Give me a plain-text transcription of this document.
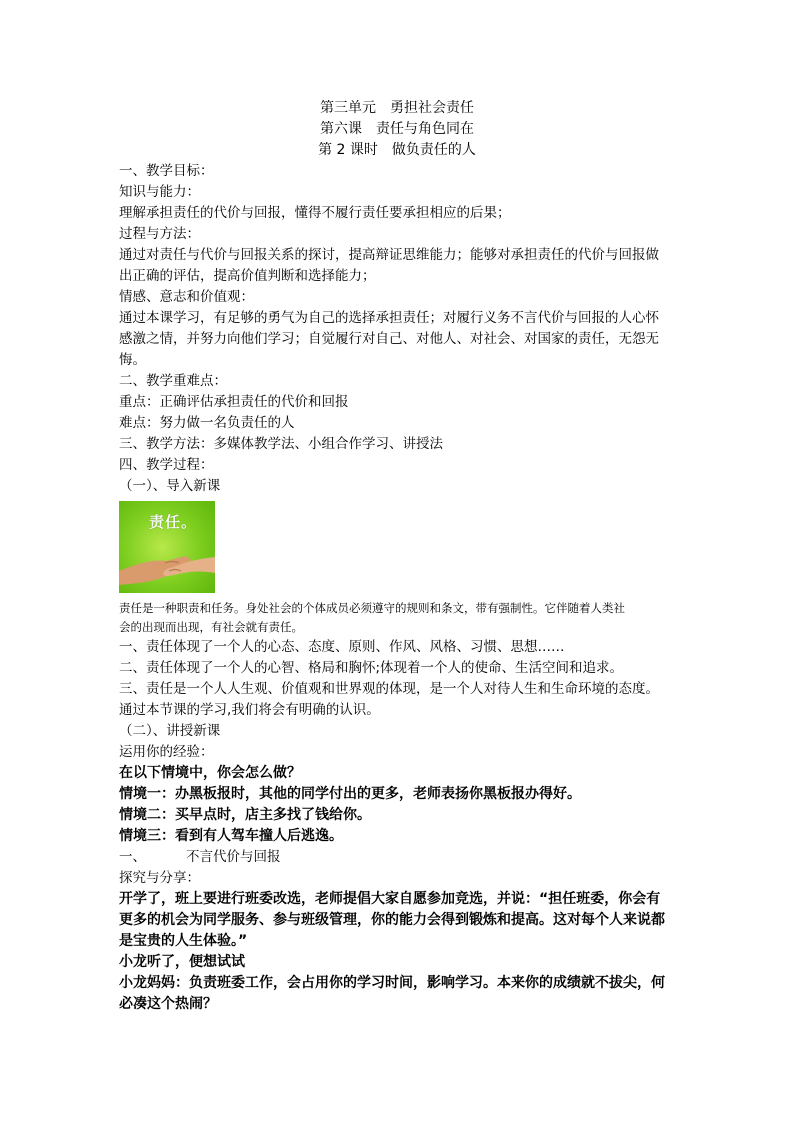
第三单元　勇担社会责任
第六课　责任与角色同在
第 2 课时　做负责任的人
一、教学目标：
知识与能力：
理解承担责任的代价与回报，懂得不履行责任要承担相应的后果；
过程与方法：
通过对责任与代价与回报关系的探讨，提高辩证思维能力；能够对承担责任的代价与回报做
出正确的评估，提高价值判断和选择能力；
情感、意志和价值观：
通过本课学习，有足够的勇气为自己的选择承担责任；对履行义务不言代价与回报的人心怀
感激之情，并努力向他们学习；自觉履行对自己、对他人、对社会、对国家的责任，无怨无
悔。
二、教学重难点：
重点：正确评估承担责任的代价和回报
难点：努力做一名负责任的人
三、教学方法：多媒体教学法、小组合作学习、讲授法
四、教学过程：
（一）、导入新课
责任。
责任是一种职责和任务。身处社会的个体成员必须遵守的规则和条文，带有强制性。它伴随着人类社
会的出现而出现，有社会就有责任。
一、责任体现了一个人的心态、态度、原则、作风、风格、习惯、思想……
二、责任体现了一个人的心智、格局和胸怀;体现着一个人的使命、生活空间和追求。
三、责任是一个人人生观、价值观和世界观的体现，是一个人对待人生和生命环境的态度。
通过本节课的学习,我们将会有明确的认识。
（二）、讲授新课
运用你的经验：
在以下情境中，你会怎么做？
情境一：办黑板报时，其他的同学付出的更多，老师表扬你黑板报办得好。
情境二：买早点时，店主多找了钱给你。
情境三：看到有人驾车撞人后逃逸。
一、	不言代价与回报
探究与分享：
开学了，班上要进行班委改选，老师提倡大家自愿参加竞选，并说：“担任班委，你会有
更多的机会为同学服务、参与班级管理，你的能力会得到锻炼和提高。这对每个人来说都
是宝贵的人生体验。”
小龙听了，便想试试
小龙妈妈：负责班委工作，会占用你的学习时间，影响学习。本来你的成绩就不拔尖，何
必凑这个热闹？
